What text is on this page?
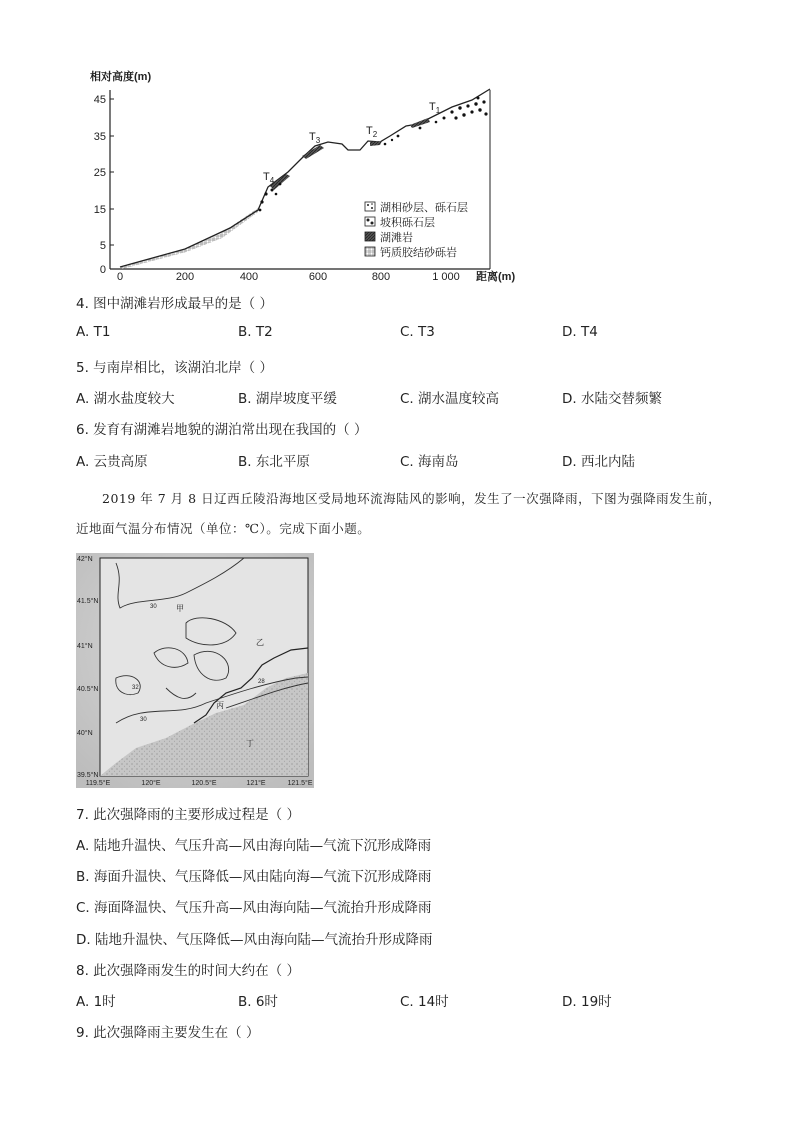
相对高度(m)
0
5
15
25
35
45
0	200	400	600	800	1 000 距离(m)
$T_4$
$T_3$
$T_2$
$T_1$
湖相砂层、砾石层
坡积砾石层
湖滩岩
钙质胶结砂砾岩
4. 图中湖滩岩形成最早的是（ ）
A. T1	B. T2	C. T3	D. T4
5. 与南岸相比，该湖泊北岸（ ）
A. 湖水盐度较大	B. 湖岸坡度平缓	C. 湖水温度较高	D. 水陆交替频繁
6. 发育有湖滩岩地貌的湖泊常出现在我国的（ ）
A. 云贵高原	B. 东北平原	C. 海南岛	D. 西北内陆
2019 年 7 月 8 日辽西丘陵沿海地区受局地环流海陆风的影响，发生了一次强降雨，下图为强降雨发生前，近地面气温分布情况（单位：℃）。完成下面小题。
42°N
41.5°N
41°N
40.5°N
40°N
39.5°N
119.5°E	120°E	120.5°E	121°E	121.5°E
甲
乙
丙
丁
30
28
32
30
7. 此次强降雨的主要形成过程是（ ）
A. 陆地升温快、气压升高—风由海向陆—气流下沉形成降雨
B. 海面升温快、气压降低—风由陆向海—气流下沉形成降雨
C. 海面降温快、气压升高—风由海向陆—气流抬升形成降雨
D. 陆地升温快、气压降低—风由海向陆—气流抬升形成降雨
8. 此次强降雨发生的时间大约在（ ）
A. 1时	B. 6时	C. 14时	D. 19时
9. 此次强降雨主要发生在（ ）
